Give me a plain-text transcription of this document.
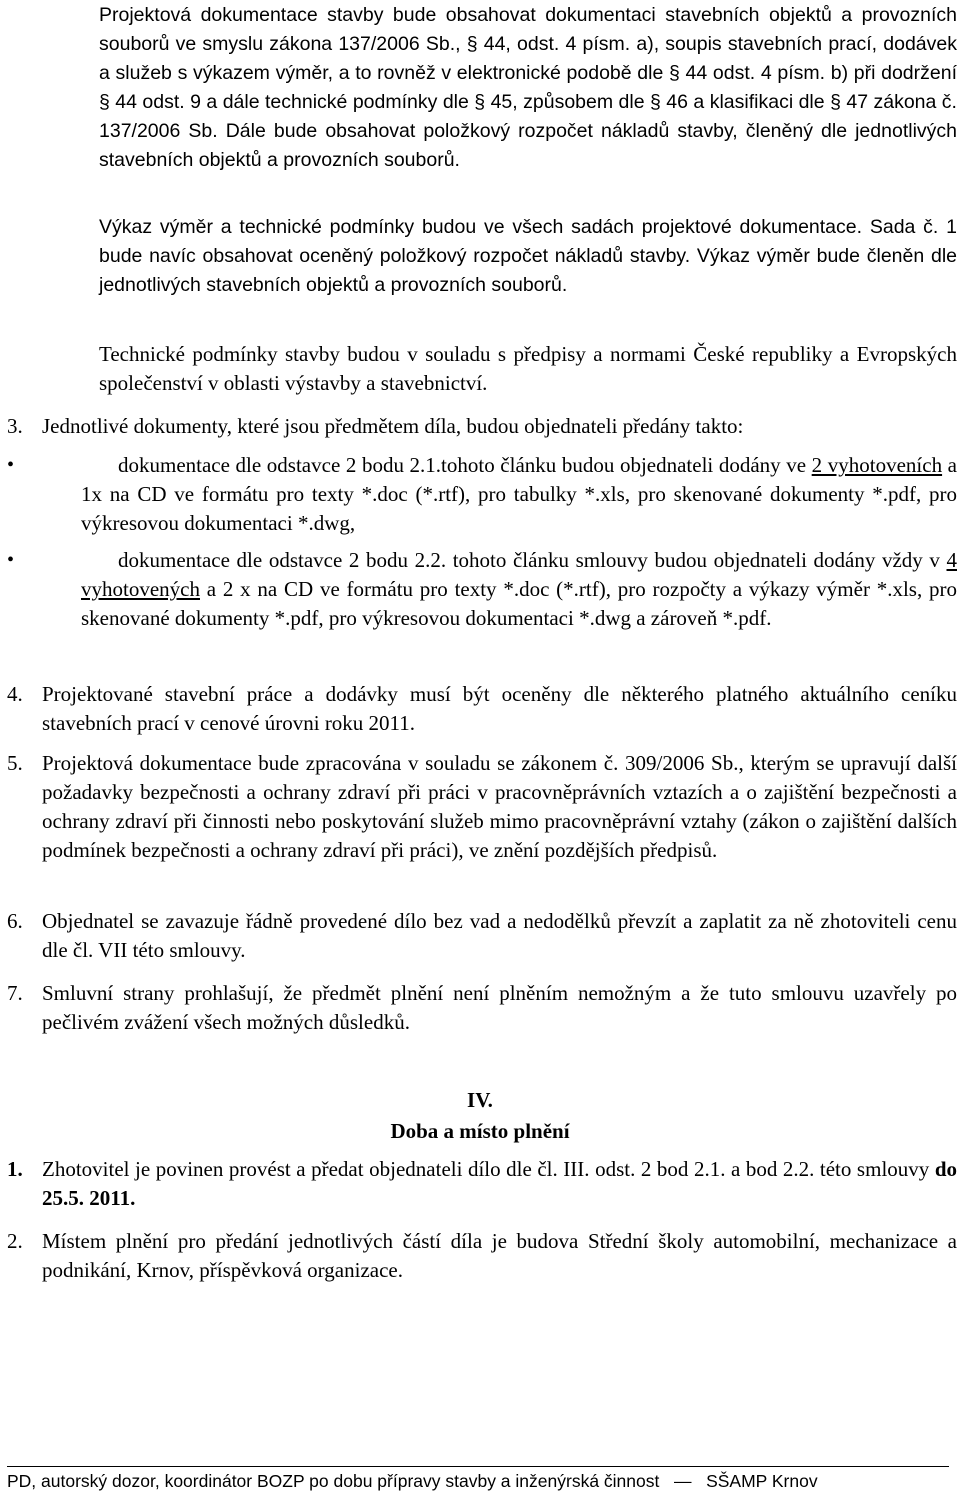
Projektová dokumentace stavby bude obsahovat dokumentaci stavebních objektů a provozních souborů ve smyslu zákona 137/2006 Sb., § 44, odst. 4 písm. a), soupis stavebních prací, dodávek a služeb s výkazem výměr, a to rovněž v elektronické podobě dle § 44 odst. 4 písm. b) při dodržení § 44 odst. 9 a dále technické podmínky dle § 45, způsobem dle § 46 a klasifikaci dle § 47 zákona č. 137/2006 Sb. Dále bude obsahovat položkový rozpočet nákladů stavby, členěný dle jednotlivých stavebních objektů a provozních souborů.
Výkaz výměr a technické podmínky budou ve všech sadách projektové dokumentace. Sada č. 1 bude navíc obsahovat oceněný položkový rozpočet nákladů stavby. Výkaz výměr bude členěn dle jednotlivých stavebních objektů a provozních souborů.
Technické podmínky stavby budou v souladu s předpisy a normami České republiky a Evropských společenství v oblasti výstavby a stavebnictví.
3. Jednotlivé dokumenty, které jsou předmětem díla, budou objednateli předány takto:
•	dokumentace dle odstavce 2 bodu 2.1.tohoto článku budou objednateli dodány ve 2 vyhotoveních a 1x na CD ve formátu pro texty *.doc (*.rtf), pro tabulky *.xls, pro skenované dokumenty *.pdf, pro výkresovou dokumentaci *.dwg,
•	dokumentace dle odstavce 2 bodu 2.2. tohoto článku smlouvy budou objednateli dodány vždy v 4 vyhotovených a 2 x na CD ve formátu pro texty *.doc (*.rtf), pro rozpočty a výkazy výměr *.xls, pro skenované dokumenty *.pdf, pro výkresovou dokumentaci *.dwg a zároveň *.pdf.
4. Projektované stavební práce a dodávky musí být oceněny dle některého platného aktuálního ceníku stavebních prací v cenové úrovni roku 2011.
5. Projektová dokumentace bude zpracována v souladu se zákonem č. 309/2006 Sb., kterým se upravují další požadavky bezpečnosti a ochrany zdraví při práci v pracovněprávních vztazích a o zajištění bezpečnosti a ochrany zdraví při činnosti nebo poskytování služeb mimo pracovněprávní vztahy (zákon o zajištění dalších podmínek bezpečnosti a ochrany zdraví při práci), ve znění pozdějších předpisů.
6. Objednatel se zavazuje řádně provedené dílo bez vad a nedodělků převzít a zaplatit za ně zhotoviteli cenu dle čl. VII této smlouvy.
7. Smluvní strany prohlašují, že předmět plnění není plněním nemožným a že tuto smlouvu uzavřely po pečlivém zvážení všech možných důsledků.
IV.
Doba a místo plnění
1. Zhotovitel je povinen provést a předat objednateli dílo dle čl. III. odst. 2 bod 2.1. a bod 2.2. této smlouvy do 25.5. 2011.
2. Místem plnění pro předání jednotlivých částí díla je budova Střední školy automobilní, mechanizace a podnikání, Krnov, příspěvková organizace.
PD, autorský dozor, koordinátor BOZP po dobu přípravy stavby a inženýrská činnost — SŠAMP Krnov
